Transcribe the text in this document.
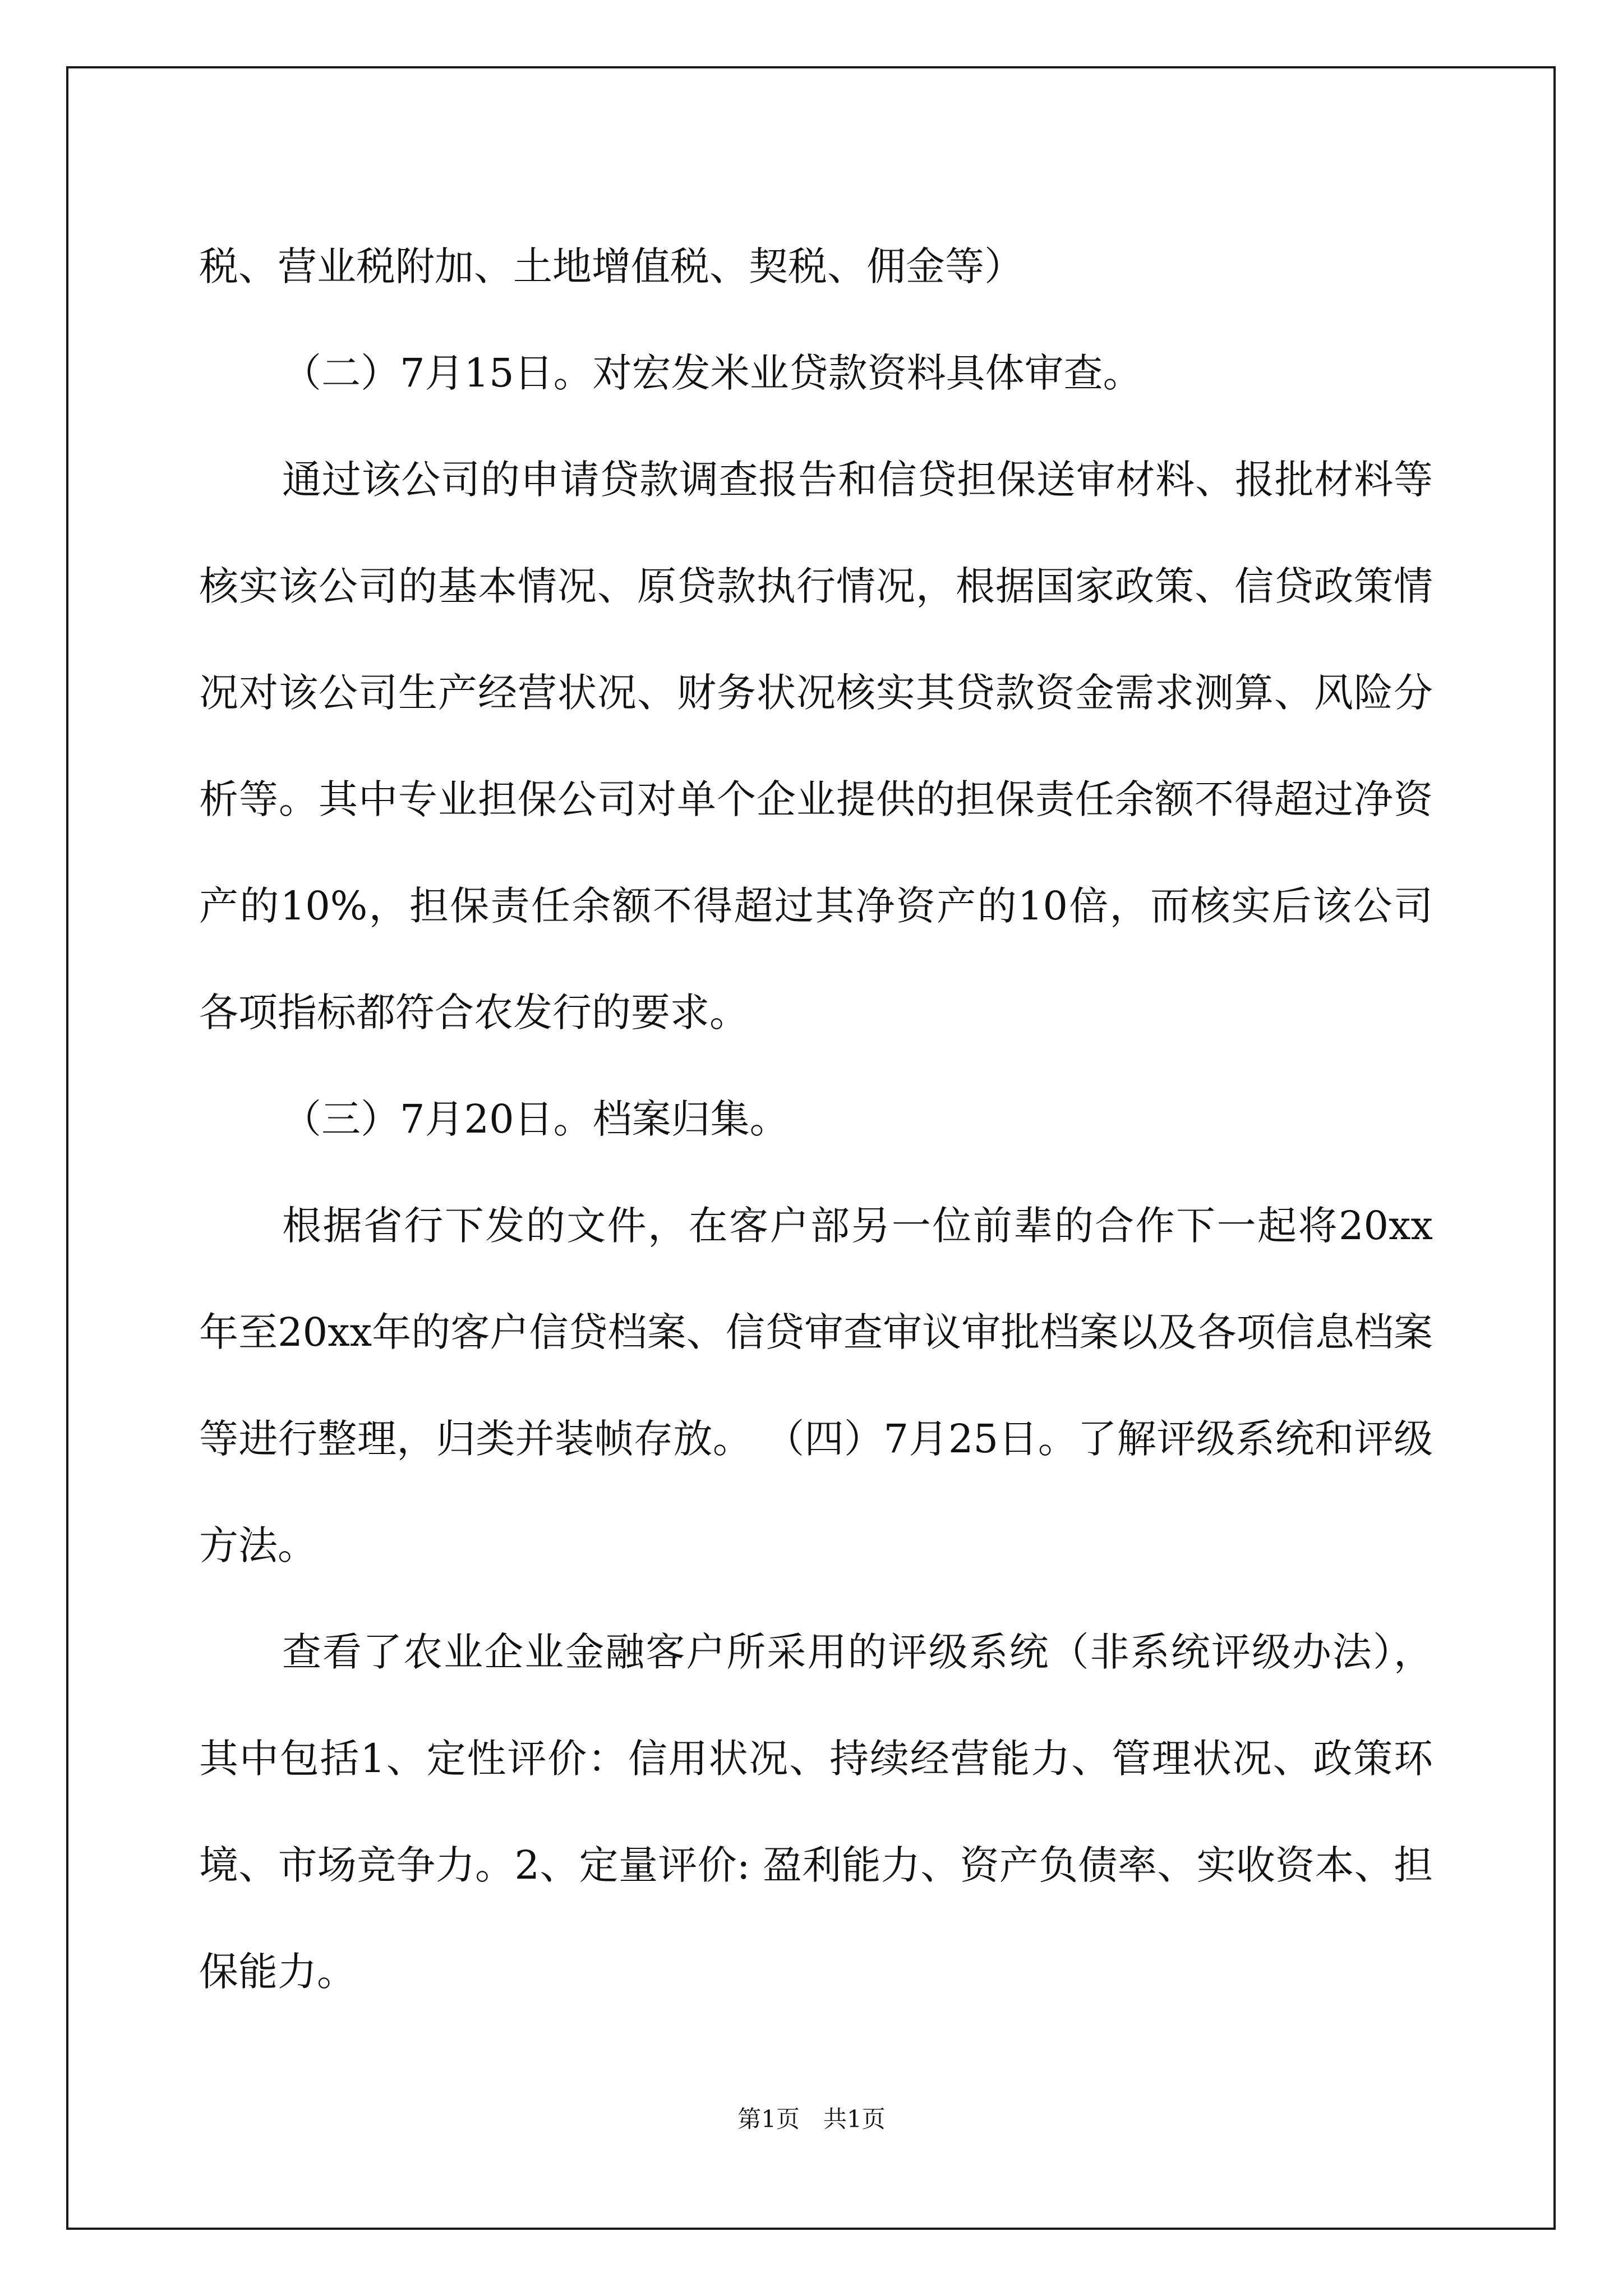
税、营业税附加、土地增值税、契税、佣金等）

（二）7月15日。对宏发米业贷款资料具体审查。

通过该公司的申请贷款调查报告和信贷担保送审材料、报批材料等核实该公司的基本情况、原贷款执行情况，根据国家政策、信贷政策情况对该公司生产经营状况、财务状况核实其贷款资金需求测算、风险分析等。其中专业担保公司对单个企业提供的担保责任余额不得超过净资产的10%，担保责任余额不得超过其净资产的10倍，而核实后该公司各项指标都符合农发行的要求。

（三）7月20日。档案归集。

根据省行下发的文件，在客户部另一位前辈的合作下一起将20xx年至20xx年的客户信贷档案、信贷审查审议审批档案以及各项信息档案等进行整理，归类并装帧存放。 （四）7月25日。了解评级系统和评级方法。

查看了农业企业金融客户所采用的评级系统（非系统评级办法），其中包括1、定性评价：信用状况、持续经营能力、管理状况、政策环境、市场竞争力。2、定量评价: 盈利能力、资产负债率、实收资本、担保能力。

第1页　共1页
